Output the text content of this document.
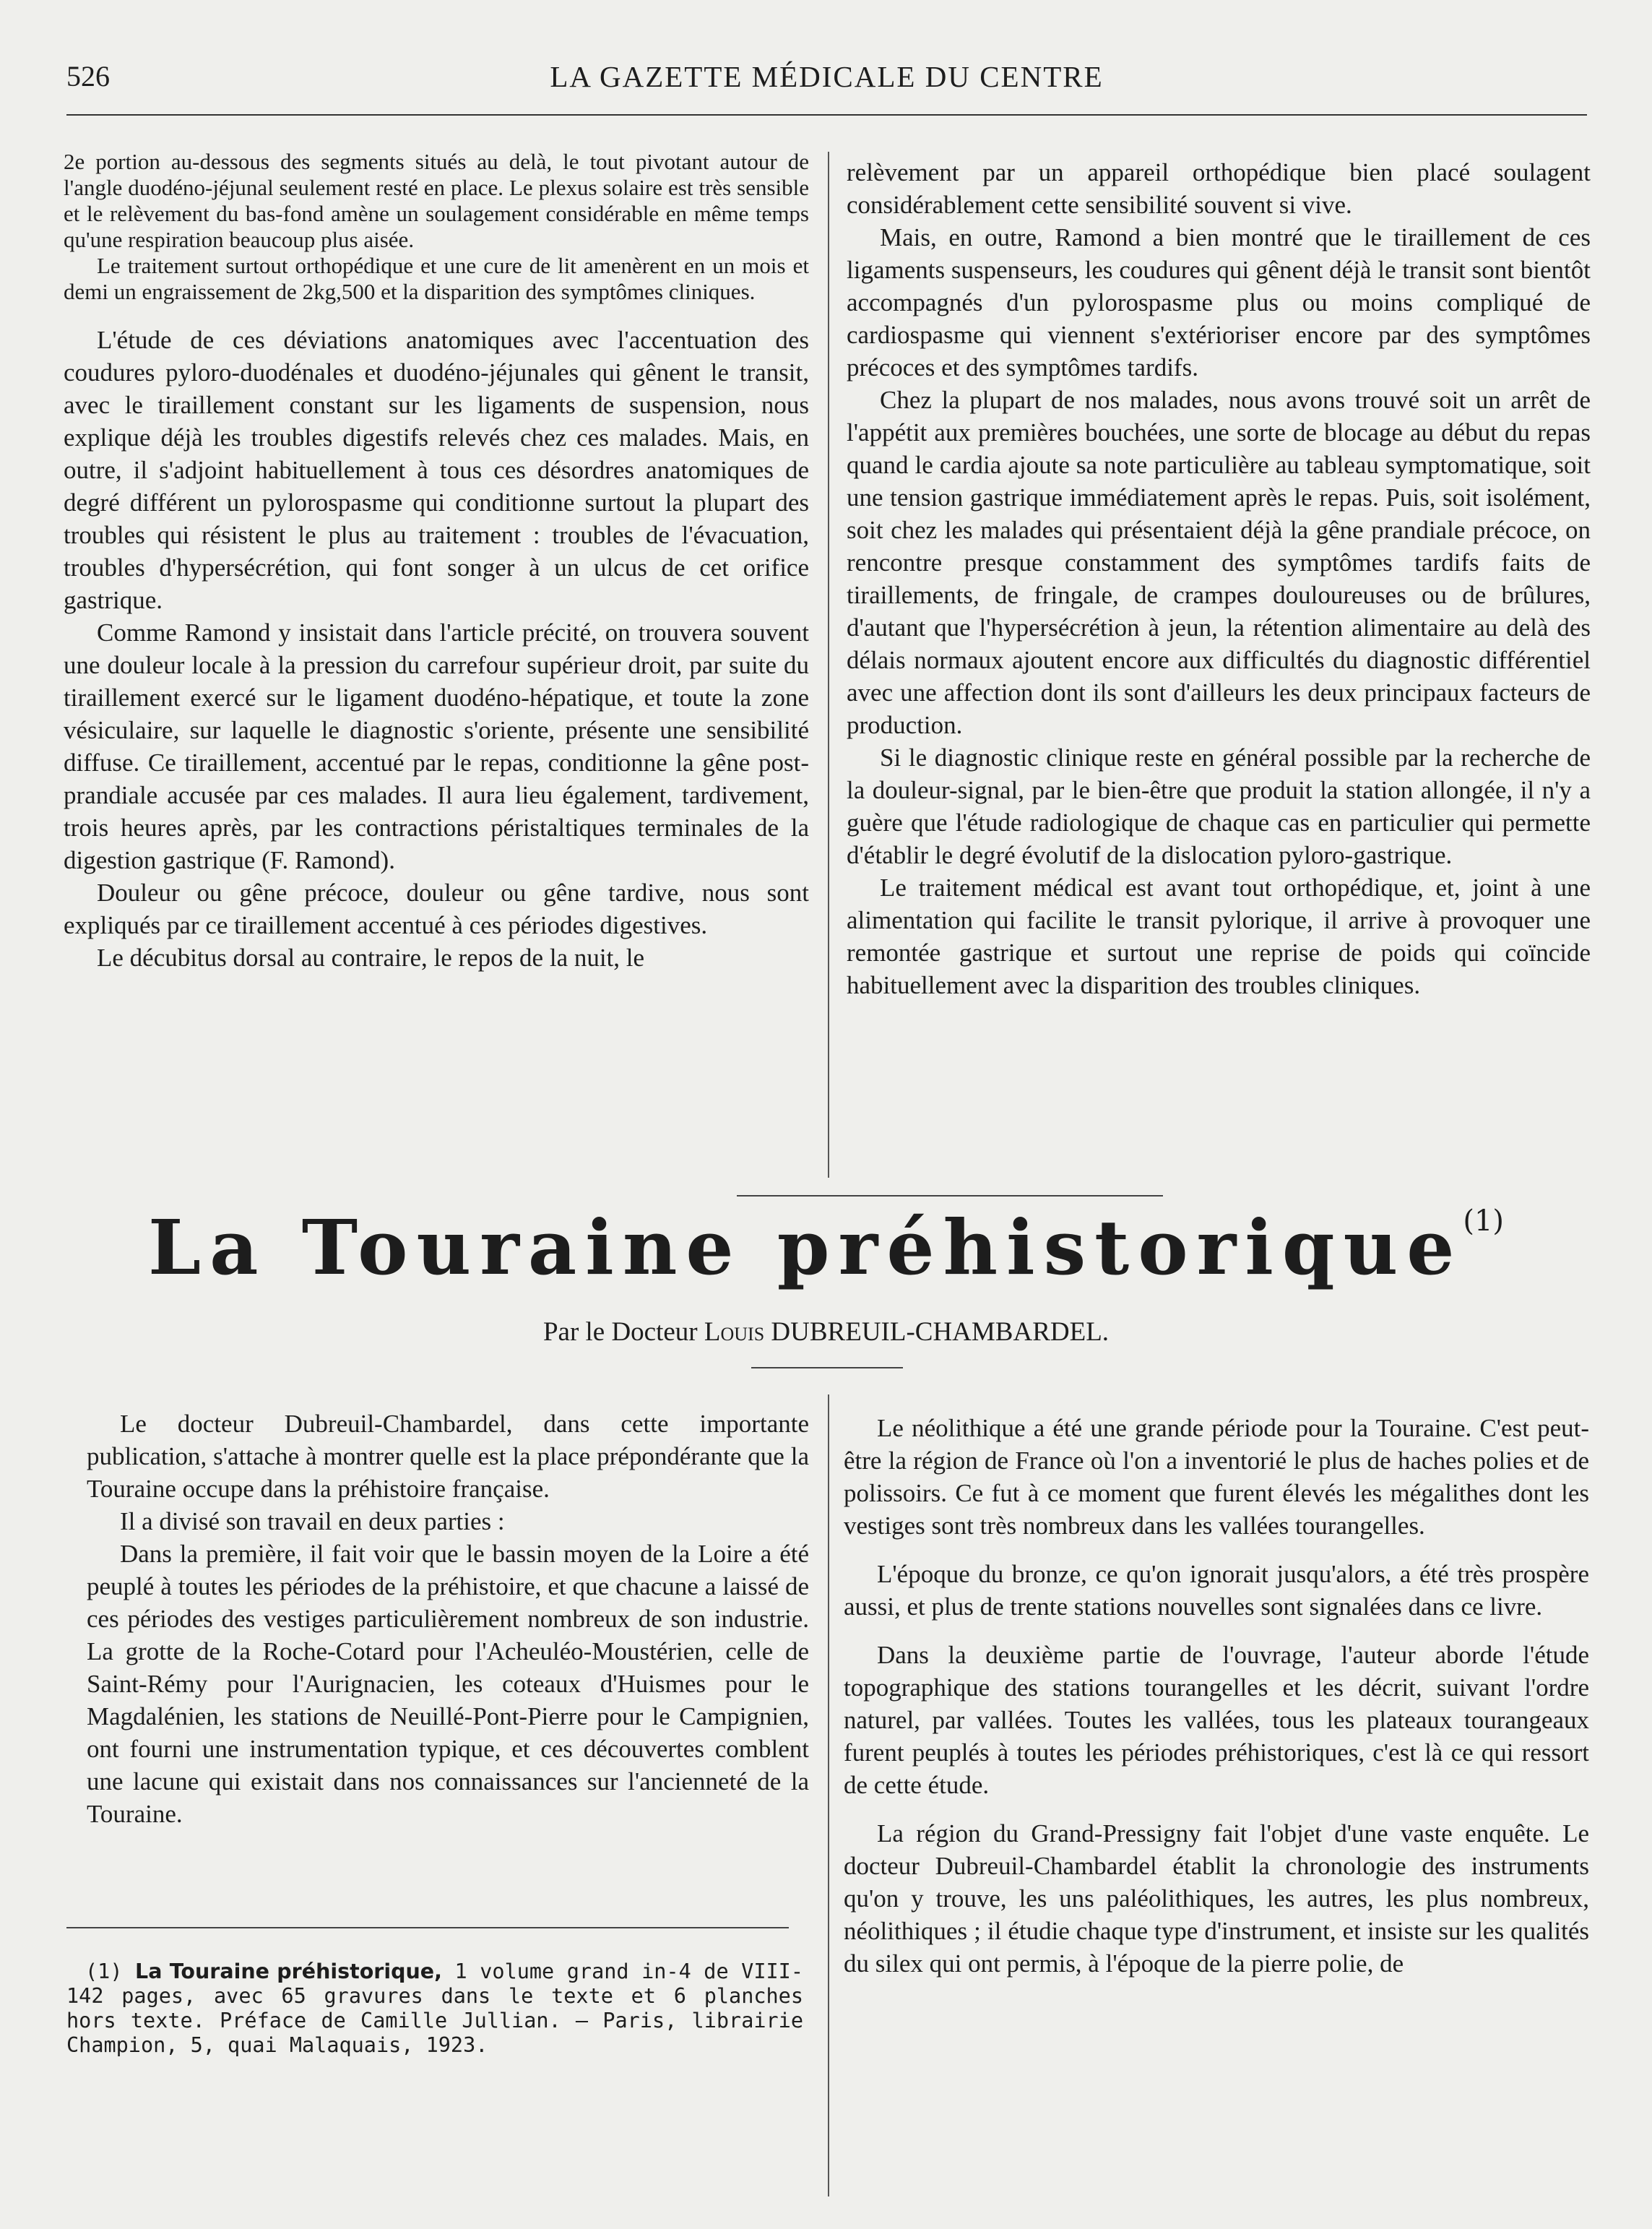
526	LA GAZETTE MÉDICALE DU CENTRE

2e portion au-dessous des segments situés au delà, le tout pivotant autour de l'angle duodéno-jéjunal seulement resté en place. Le plexus solaire est très sensible et le relèvement du bas-fond amène un soulagement considérable en même temps qu'une respiration beaucoup plus aisée.

Le traitement surtout orthopédique et une cure de lit amenèrent en un mois et demi un engraissement de 2kg,500 et la disparition des symptômes cliniques.

L'étude de ces déviations anatomiques avec l'accentuation des coudures pyloro-duodénales et duodéno-jéjunales qui gênent le transit, avec le tiraillement constant sur les ligaments de suspension, nous explique déjà les troubles digestifs relevés chez ces malades. Mais, en outre, il s'adjoint habituellement à tous ces désordres anatomiques de degré différent un pylorospasme qui conditionne surtout la plupart des troubles qui résistent le plus au traitement : troubles de l'évacuation, troubles d'hypersécrétion, qui font songer à un ulcus de cet orifice gastrique.

Comme Ramond y insistait dans l'article précité, on trouvera souvent une douleur locale à la pression du carrefour supérieur droit, par suite du tiraillement exercé sur le ligament duodéno-hépatique, et toute la zone vésiculaire, sur laquelle le diagnostic s'oriente, présente une sensibilité diffuse. Ce tiraillement, accentué par le repas, conditionne la gêne post-prandiale accusée par ces malades. Il aura lieu également, tardivement, trois heures après, par les contractions péristaltiques terminales de la digestion gastrique (F. Ramond).

Douleur ou gêne précoce, douleur ou gêne tardive, nous sont expliqués par ce tiraillement accentué à ces périodes digestives.

Le décubitus dorsal au contraire, le repos de la nuit, le

relèvement par un appareil orthopédique bien placé soulagent considérablement cette sensibilité souvent si vive.

Mais, en outre, Ramond a bien montré que le tiraillement de ces ligaments suspenseurs, les coudures qui gênent déjà le transit sont bientôt accompagnés d'un pylorospasme plus ou moins compliqué de cardiospasme qui viennent s'extérioriser encore par des symptômes précoces et des symptômes tardifs.

Chez la plupart de nos malades, nous avons trouvé soit un arrêt de l'appétit aux premières bouchées, une sorte de blocage au début du repas quand le cardia ajoute sa note particulière au tableau symptomatique, soit une tension gastrique immédiatement après le repas. Puis, soit isolément, soit chez les malades qui présentaient déjà la gêne prandiale précoce, on rencontre presque constamment des symptômes tardifs faits de tiraillements, de fringale, de crampes douloureuses ou de brûlures, d'autant que l'hypersécrétion à jeun, la rétention alimentaire au delà des délais normaux ajoutent encore aux difficultés du diagnostic différentiel avec une affection dont ils sont d'ailleurs les deux principaux facteurs de production.

Si le diagnostic clinique reste en général possible par la recherche de la douleur-signal, par le bien-être que produit la station allongée, il n'y a guère que l'étude radiologique de chaque cas en particulier qui permette d'établir le degré évolutif de la dislocation pyloro-gastrique.

Le traitement médical est avant tout orthopédique, et, joint à une alimentation qui facilite le transit pylorique, il arrive à provoquer une remontée gastrique et surtout une reprise de poids qui coïncide habituellement avec la disparition des troubles cliniques.

La Touraine préhistorique$^{(1)}$
Par le Docteur Louis DUBREUIL-CHAMBARDEL.

Le docteur Dubreuil-Chambardel, dans cette importante publication, s'attache à montrer quelle est la place prépondérante que la Touraine occupe dans la préhistoire française.

Il a divisé son travail en deux parties :

Dans la première, il fait voir que le bassin moyen de la Loire a été peuplé à toutes les périodes de la préhistoire, et que chacune a laissé de ces périodes des vestiges particulièrement nombreux de son industrie. La grotte de la Roche-Cotard pour l'Acheuléo-Moustérien, celle de Saint-Rémy pour l'Aurignacien, les coteaux d'Huismes pour le Magdalénien, les stations de Neuillé-Pont-Pierre pour le Campignien, ont fourni une instrumentation typique, et ces découvertes comblent une lacune qui existait dans nos connaissances sur l'ancienneté de la Touraine.

Le néolithique a été une grande période pour la Touraine. C'est peut-être la région de France où l'on a inventorié le plus de haches polies et de polissoirs. Ce fut à ce moment que furent élevés les mégalithes dont les vestiges sont très nombreux dans les vallées tourangelles.

L'époque du bronze, ce qu'on ignorait jusqu'alors, a été très prospère aussi, et plus de trente stations nouvelles sont signalées dans ce livre.

Dans la deuxième partie de l'ouvrage, l'auteur aborde l'étude topographique des stations tourangelles et les décrit, suivant l'ordre naturel, par vallées. Toutes les vallées, tous les plateaux tourangeaux furent peuplés à toutes les périodes préhistoriques, c'est là ce qui ressort de cette étude.

La région du Grand-Pressigny fait l'objet d'une vaste enquête. Le docteur Dubreuil-Chambardel établit la chronologie des instruments qu'on y trouve, les uns paléolithiques, les autres, les plus nombreux, néolithiques ; il étudie chaque type d'instrument, et insiste sur les qualités du silex qui ont permis, à l'époque de la pierre polie, de

(1) La Touraine préhistorique, 1 volume grand in-4 de VIII-142 pages, avec 65 gravures dans le texte et 6 planches hors texte. Préface de Camille Jullian. — Paris, librairie Champion, 5, quai Malaquais, 1923.
